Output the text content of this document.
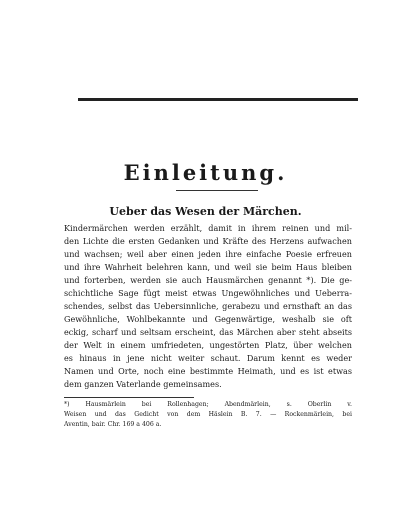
Einleitung.
Ueber das Wesen der Märchen.

Kindermärchen werden erzählt, damit in ihrem reinen und mil-
den Lichte die ersten Gedanken und Kräfte des Herzens aufwachen
und wachsen; weil aber einen jeden ihre einfache Poesie erfreuen
und ihre Wahrheit belehren kann, und weil sie beim Haus bleiben
und forterben, werden sie auch Hausmärchen genannt *). Die ge-
schichtliche Sage fügt meist etwas Ungewöhnliches und Ueberra-
schendes, selbst das Uebersinnliche, gerabezu und ernsthaft an das
Gewöhnliche, Wohlbekannte und Gegenwärtige, weshalb sie oft
eckig, scharf und seltsam erscheint, das Märchen aber steht abseits
der Welt in einem umfriedeten, ungestörten Platz, über welchen
es hinaus in jene nicht weiter schaut. Darum kennt es weder
Namen und Orte, noch eine bestimmte Heimath, und es ist etwas
dem ganzen Vaterlande gemeinsames.

*) Hausmärlein bei Rollenhagen; Abendmärlein, s. Oberlin v.
Weisen und das Gedicht von dem Häslein B. 7. — Rockenmärlein, bei
Aventin, bair. Chr. 169 a 406 a.
